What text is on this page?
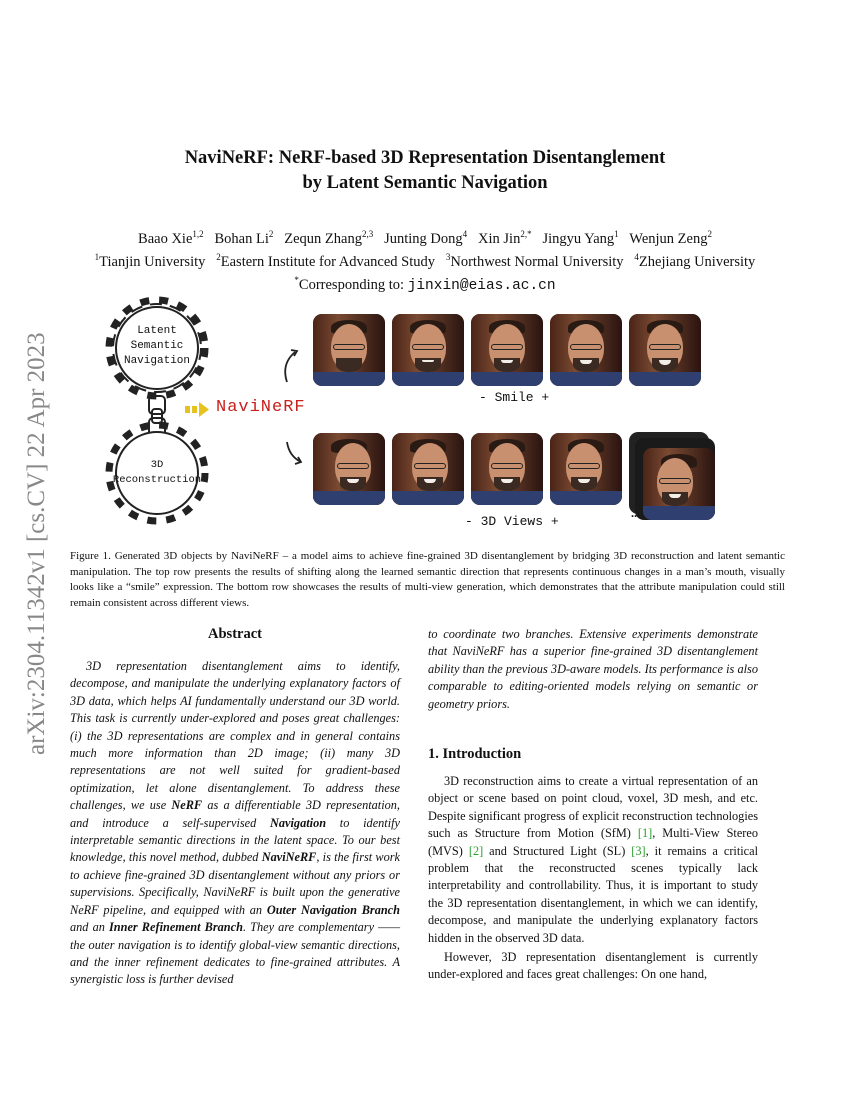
arXiv:2304.11342v1 [cs.CV] 22 Apr 2023
NaviNeRF: NeRF-based 3D Representation Disentanglement
by Latent Semantic Navigation
Baao Xie$^{1,2}$ Bohan Li$^2$ Zequn Zhang$^{2,3}$ Junting Dong$^4$ Xin Jin$^{2,*}$ Jingyu Yang$^1$ Wenjun Zeng$^2$
$^1$Tianjin University $^2$Eastern Institute for Advanced Study $^3$Northwest Normal University $^4$Zhejiang University
*Corresponding to: jinxin@eias.ac.cn
Latent
Semantic
Navigation
3D
Reconstruction
NaviNeRF
- Smile +
...
- 3D Views +
Figure 1. Generated 3D objects by NaviNeRF – a model aims to achieve fine-grained 3D disentanglement by bridging 3D reconstruction and latent semantic manipulation. The top row presents the results of shifting along the learned semantic direction that represents continuous changes in a man’s mouth, visually looks like a “smile” expression. The bottom row showcases the results of multi-view generation, which demonstrates that the attribute manipulation could still remain consistent across different views.
Abstract
3D representation disentanglement aims to identify, decompose, and manipulate the underlying explanatory factors of 3D data, which helps AI fundamentally understand our 3D world. This task is currently under-explored and poses great challenges: (i) the 3D representations are complex and in general contains much more information than 2D image; (ii) many 3D representations are not well suited for gradient-based optimization, let alone disentanglement. To address these challenges, we use NeRF as a differentiable 3D representation, and introduce a self-supervised Navigation to identify interpretable semantic directions in the latent space. To our best knowledge, this novel method, dubbed NaviNeRF, is the first work to achieve fine-grained 3D disentanglement without any priors or supervisions. Specifically, NaviNeRF is built upon the generative NeRF pipeline, and equipped with an Outer Navigation Branch and an Inner Refinement Branch. They are complementary —— the outer navigation is to identify global-view semantic directions, and the inner refinement dedicates to fine-grained attributes. A synergistic loss is further devised
to coordinate two branches. Extensive experiments demonstrate that NaviNeRF has a superior fine-grained 3D disentanglement ability than the previous 3D-aware models. Its performance is also comparable to editing-oriented models relying on semantic or geometry priors.
1. Introduction
3D reconstruction aims to create a virtual representation of an object or scene based on point cloud, voxel, 3D mesh, and etc. Despite significant progress of explicit reconstruction technologies such as Structure from Motion (SfM) [1], Multi-View Stereo (MVS) [2] and Structured Light (SL) [3], it remains a critical problem that the reconstructed scenes typically lack interpretability and controllability. Thus, it is important to study the 3D representation disentanglement, in which we can identify, decompose, and manipulate the underlying explanatory factors hidden in the observed 3D data.
However, 3D representation disentanglement is currently under-explored and faces great challenges: On one hand,
